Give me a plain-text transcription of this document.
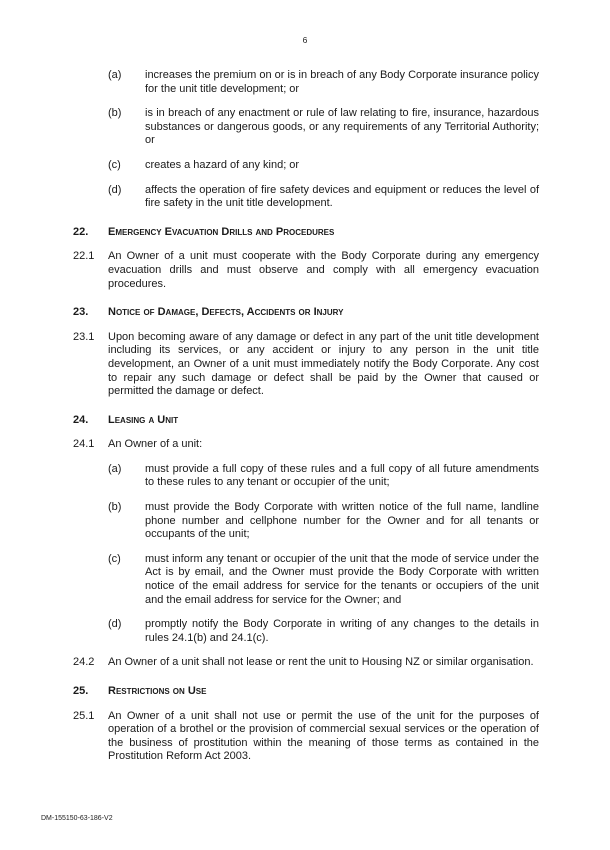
6
(a)	increases the premium on or is in breach of any Body Corporate insurance policy for the unit title development; or
(b)	is in breach of any enactment or rule of law relating to fire, insurance, hazardous substances or dangerous goods, or any requirements of any Territorial Authority; or
(c)	creates a hazard of any kind; or
(d)	affects the operation of fire safety devices and equipment or reduces the level of fire safety in the unit title development.
22.	Emergency Evacuation Drills and Procedures
22.1	An Owner of a unit must cooperate with the Body Corporate during any emergency evacuation drills and must observe and comply with all emergency evacuation procedures.
23.	Notice of Damage, Defects, Accidents or Injury
23.1	Upon becoming aware of any damage or defect in any part of the unit title development including its services, or any accident or injury to any person in the unit title development, an Owner of a unit must immediately notify the Body Corporate. Any cost to repair any such damage or defect shall be paid by the Owner that caused or permitted the damage or defect.
24.	Leasing a Unit
24.1	An Owner of a unit:
(a)	must provide a full copy of these rules and a full copy of all future amendments to these rules to any tenant or occupier of the unit;
(b)	must provide the Body Corporate with written notice of the full name, landline phone number and cellphone number for the Owner and for all tenants or occupants of the unit;
(c)	must inform any tenant or occupier of the unit that the mode of service under the Act is by email, and the Owner must provide the Body Corporate with written notice of the email address for service for the tenants or occupiers of the unit and the email address for service for the Owner; and
(d)	promptly notify the Body Corporate in writing of any changes to the details in rules 24.1(b) and 24.1(c).
24.2	An Owner of a unit shall not lease or rent the unit to Housing NZ or similar organisation.
25.	Restrictions on Use
25.1	An Owner of a unit shall not use or permit the use of the unit for the purposes of operation of a brothel or the provision of commercial sexual services or the operation of the business of prostitution within the meaning of those terms as contained in the Prostitution Reform Act 2003.
DM-155150-63-186-V2
